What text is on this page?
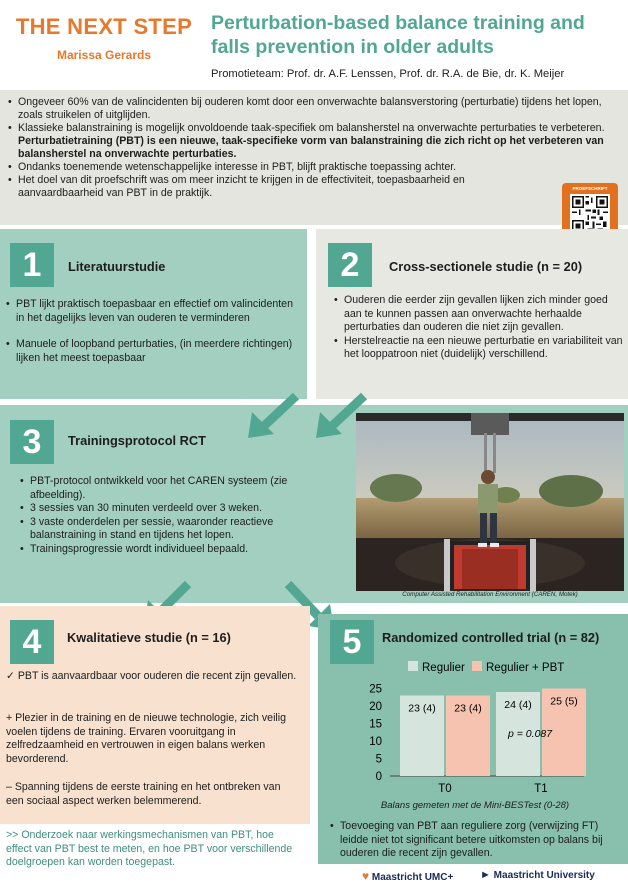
THE NEXT STEP
Marissa Gerards
Perturbation-based balance training and falls prevention in older adults
Promotieteam: Prof. dr. A.F. Lenssen, Prof. dr. R.A. de Bie, dr. K. Meijer
• Ongeveer 60% van de valincidenten bij ouderen komt door een onverwachte balansverstoring (perturbatie) tijdens het lopen, zoals struikelen of uitglijden.
• Klassieke balanstraining is mogelijk onvoldoende taak-specifiek om balansherstel na onverwachte perturbaties te verbeteren. Perturbatietraining (PBT) is een nieuwe, taak-specifieke vorm van balanstraining die zich richt op het verbeteren van balansherstel na onverwachte perturbaties.
• Ondanks toenemende wetenschappelijke interesse in PBT, blijft praktische toepassing achter.
• Het doel van dit proefschrift was om meer inzicht te krijgen in de effectiviteit, toepasbaarheid en aanvaardbaarheid van PBT in de praktijk.	PROEFSCHRIFT
1	Literatuurstudie
• PBT lijkt praktisch toepasbaar en effectief om valincidenten in het dagelijks leven van ouderen te verminderen
• Manuele of loopband perturbaties, (in meerdere richtingen) lijken het meest toepasbaar
2	Cross-sectionele studie (n = 20)
• Ouderen die eerder zijn gevallen lijken zich minder goed aan te kunnen passen aan onverwachte herhaalde perturbaties dan ouderen die niet zijn gevallen.
• Herstelreactie na een nieuwe perturbatie en variabiliteit van het looppatroon niet (duidelijk) verschillend.
3	Trainingsprotocol RCT
• PBT-protocol ontwikkeld voor het CAREN systeem (zie afbeelding).
• 3 sessies van 30 minuten verdeeld over 3 weken.
• 3 vaste onderdelen per sessie, waaronder reactieve balanstraining in stand en tijdens het lopen.
• Trainingsprogressie wordt individueel bepaald.
Computer Assisted Rehabilitation Environment (CAREN, Motek)
4	Kwalitatieve studie (n = 16)
✓ PBT is aanvaardbaar voor ouderen die recent zijn gevallen.
+ Plezier in de training en de nieuwe technologie, zich veilig voelen tijdens de training. Ervaren vooruitgang in zelfredzaamheid en vertrouwen in eigen balans werken bevorderend.
– Spanning tijdens de eerste training en het ontbreken van een sociaal aspect werken belemmerend.
>> Onderzoek naar werkingsmechanismen van PBT, hoe effect van PBT best te meten, en hoe PBT voor verschillende doelgroepen kan worden toegepast.
5	Randomized controlled trial (n = 82)
Regulier Regulier + PBT
0
5
10
15
20
25
23 (4) 23 (4) 24 (4) 25 (5)
T0	T1
p = 0.087
Balans gemeten met de Mini-BESTest (0-28)
• Toevoeging van PBT aan reguliere zorg (verwijzing FT) leidde niet tot significant betere uitkomsten op balans bij ouderen die recent zijn gevallen.
♥ Maastricht UMC+ ► Maastricht University
